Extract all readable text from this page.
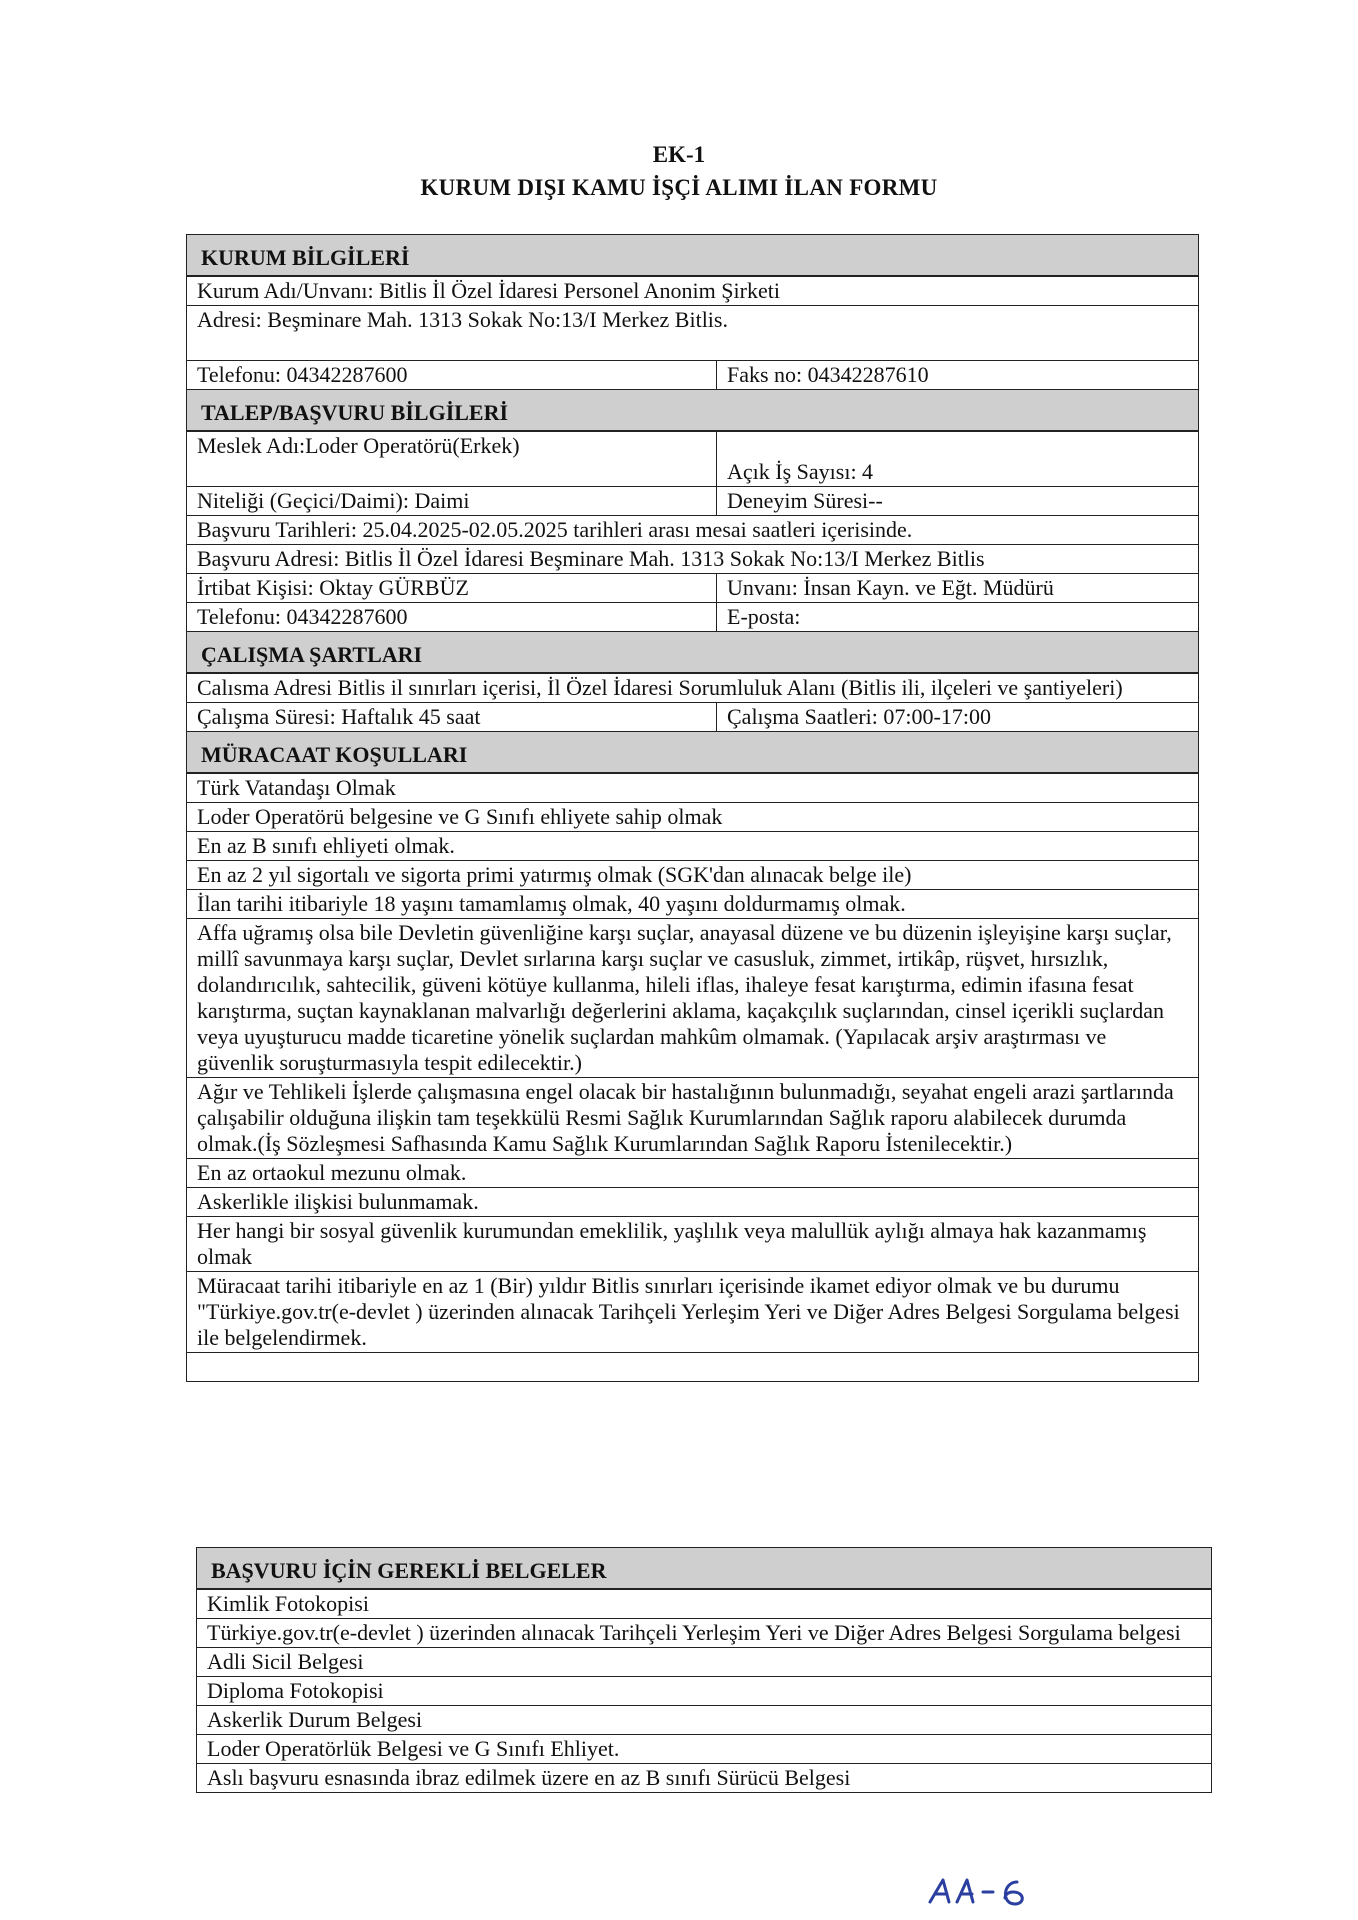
EK-1
KURUM DIŞI KAMU İŞÇİ ALIMI İLAN FORMU
KURUM BİLGİLERİ	
Kurum Adı/Unvanı: Bitlis İl Özel İdaresi Personel Anonim Şirketi	
Adresi: Beşminare Mah. 1313 Sokak No:13/I Merkez Bitlis.	
Telefonu: 04342287600	Faks no: 04342287610
TALEP/BAŞVURU BİLGİLERİ	
Meslek Adı:Loder Operatörü(Erkek)	Açık İş Sayısı: 4
Niteliği (Geçici/Daimi): Daimi	Deneyim Süresi--
Başvuru Tarihleri: 25.04.2025-02.05.2025 tarihleri arası mesai saatleri içerisinde.	
Başvuru Adresi: Bitlis İl Özel İdaresi Beşminare Mah. 1313 Sokak No:13/I Merkez Bitlis	
İrtibat Kişisi: Oktay GÜRBÜZ	Unvanı: İnsan Kayn. ve Eğt. Müdürü
Telefonu: 04342287600	E-posta:
ÇALIŞMA ŞARTLARI	
Calısma Adresi Bitlis il sınırları içerisi, İl Özel İdaresi Sorumluluk Alanı (Bitlis ili, ilçeleri ve şantiyeleri)	
Çalışma Süresi: Haftalık 45 saat	Çalışma Saatleri: 07:00-17:00
MÜRACAAT KOŞULLARI	
Türk Vatandaşı Olmak	
Loder Operatörü belgesine ve G Sınıfı ehliyete sahip olmak	
En az B sınıfı ehliyeti olmak.	
En az 2 yıl sigortalı ve sigorta primi yatırmış olmak (SGK'dan alınacak belge ile)	
İlan tarihi itibariyle 18 yaşını tamamlamış olmak, 40 yaşını doldurmamış olmak.	
Affa uğramış olsa bile Devletin güvenliğine karşı suçlar, anayasal düzene ve bu düzenin işleyişine karşı suçlar, millî savunmaya karşı suçlar, Devlet sırlarına karşı suçlar ve casusluk, zimmet, irtikâp, rüşvet, hırsızlık, dolandırıcılık, sahtecilik, güveni kötüye kullanma, hileli iflas, ihaleye fesat karıştırma, edimin ifasına fesat karıştırma, suçtan kaynaklanan malvarlığı değerlerini aklama, kaçakçılık suçlarından, cinsel içerikli suçlardan veya uyuşturucu madde ticaretine yönelik suçlardan mahkûm olmamak. (Yapılacak arşiv araştırması ve güvenlik soruşturmasıyla tespit edilecektir.)	
Ağır ve Tehlikeli İşlerde çalışmasına engel olacak bir hastalığının bulunmadığı, seyahat engeli arazi şartlarında çalışabilir olduğuna ilişkin tam teşekkülü Resmi Sağlık Kurumlarından Sağlık raporu alabilecek durumda olmak.(İş Sözleşmesi Safhasında Kamu Sağlık Kurumlarından Sağlık Raporu İstenilecektir.)	
En az ortaokul mezunu olmak.	
Askerlikle ilişkisi bulunmamak.	
Her hangi bir sosyal güvenlik kurumundan emeklilik, yaşlılık veya malullük aylığı almaya hak kazanmamış olmak	
Müracaat tarihi itibariyle en az 1 (Bir) yıldır Bitlis sınırları içerisinde ikamet ediyor olmak ve bu durumu "Türkiye.gov.tr(e-devlet ) üzerinden alınacak Tarihçeli Yerleşim Yeri ve Diğer Adres Belgesi Sorgulama belgesi ile belgelendirmek.	

BAŞVURU İÇİN GEREKLİ BELGELER
Kimlik Fotokopisi
Türkiye.gov.tr(e-devlet ) üzerinden alınacak Tarihçeli Yerleşim Yeri ve Diğer Adres Belgesi Sorgulama belgesi
Adli Sicil Belgesi
Diploma Fotokopisi
Askerlik Durum Belgesi
Loder Operatörlük Belgesi ve G Sınıfı Ehliyet.
Aslı başvuru esnasında ibraz edilmek üzere en az B sınıfı Sürücü Belgesi
